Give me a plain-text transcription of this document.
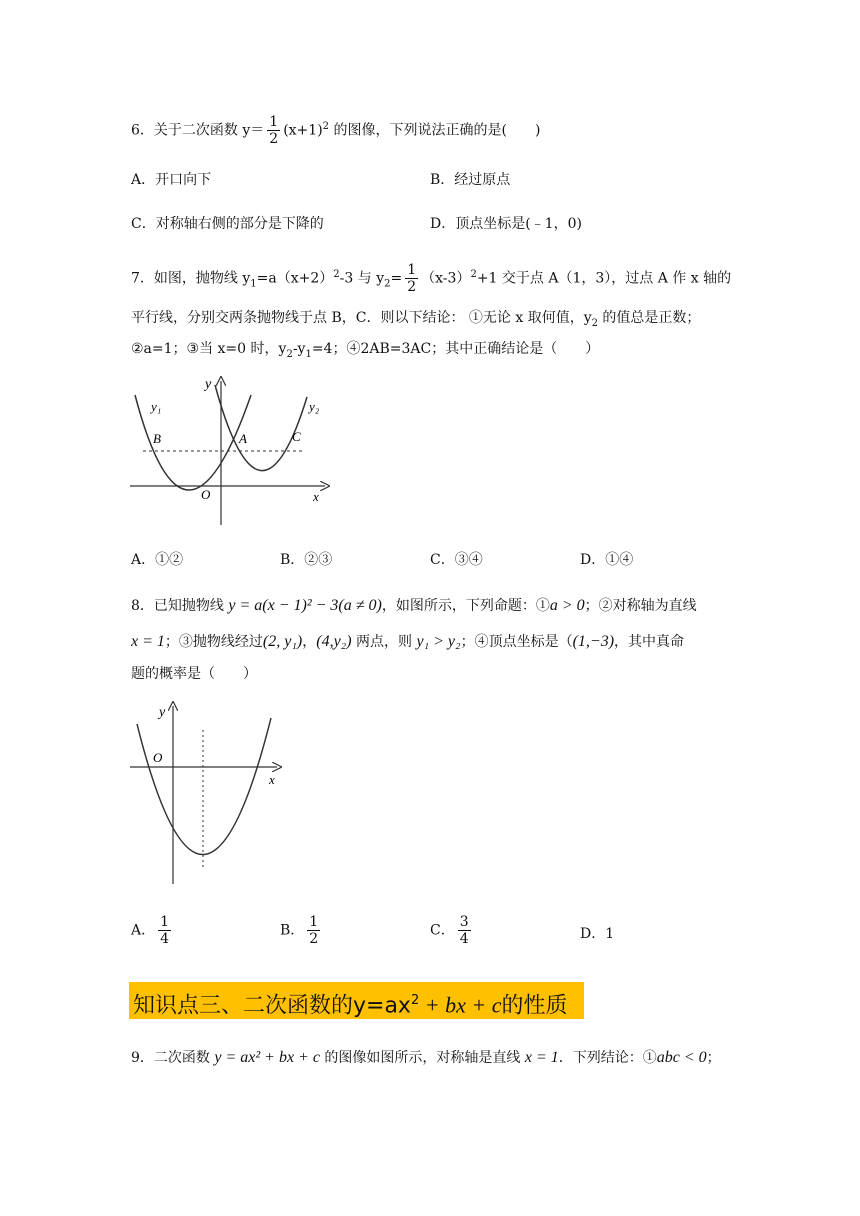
6．关于二次函数 $y= \frac{1}{2} (x+1)^2$ 的图像，下列说法正确的是(　　)
A．开口向下	B．经过原点
C．对称轴右侧的部分是下降的	D．顶点坐标是(﹣1，0)
7．如图，抛物线 $y_1=a(x+2)^2-3$ 与 $y_2= \frac{1}{2} (x-3)^2+1$ 交于点 A（1，3），过点 A 作 x 轴的
平行线，分别交两条抛物线于点 B，C．则以下结论： ①无论 x 取何值，$y_2$ 的值总是正数；
②a=1；③当 x=0 时，$y_2-y_1=4$；④2AB=3AC；其中正确结论是（　　）
y
y₁	y₂
B	A	C
O	x
A．①②	B．②③	C．③④	D．①④
8．已知抛物线 y = a(x − 1)² − 3(a ≠ 0)，如图所示，下列命题：①a > 0；②对称轴为直线
x = 1；③抛物线经过(2, y₁)，(4,y₂) 两点，则 y₁ > y₂；④顶点坐标是（(1,−3)，其中真命
题的概率是（　　）
y
O
x
A． $\frac{1}{4}$	B． $\frac{1}{2}$	C． $\frac{3}{4}$	D．1
知识点三、二次函数的$y=ax^2$ + bx + c的性质
9．二次函数 y = ax² + bx + c 的图像如图所示，对称轴是直线 x = 1．下列结论：①abc < 0；
